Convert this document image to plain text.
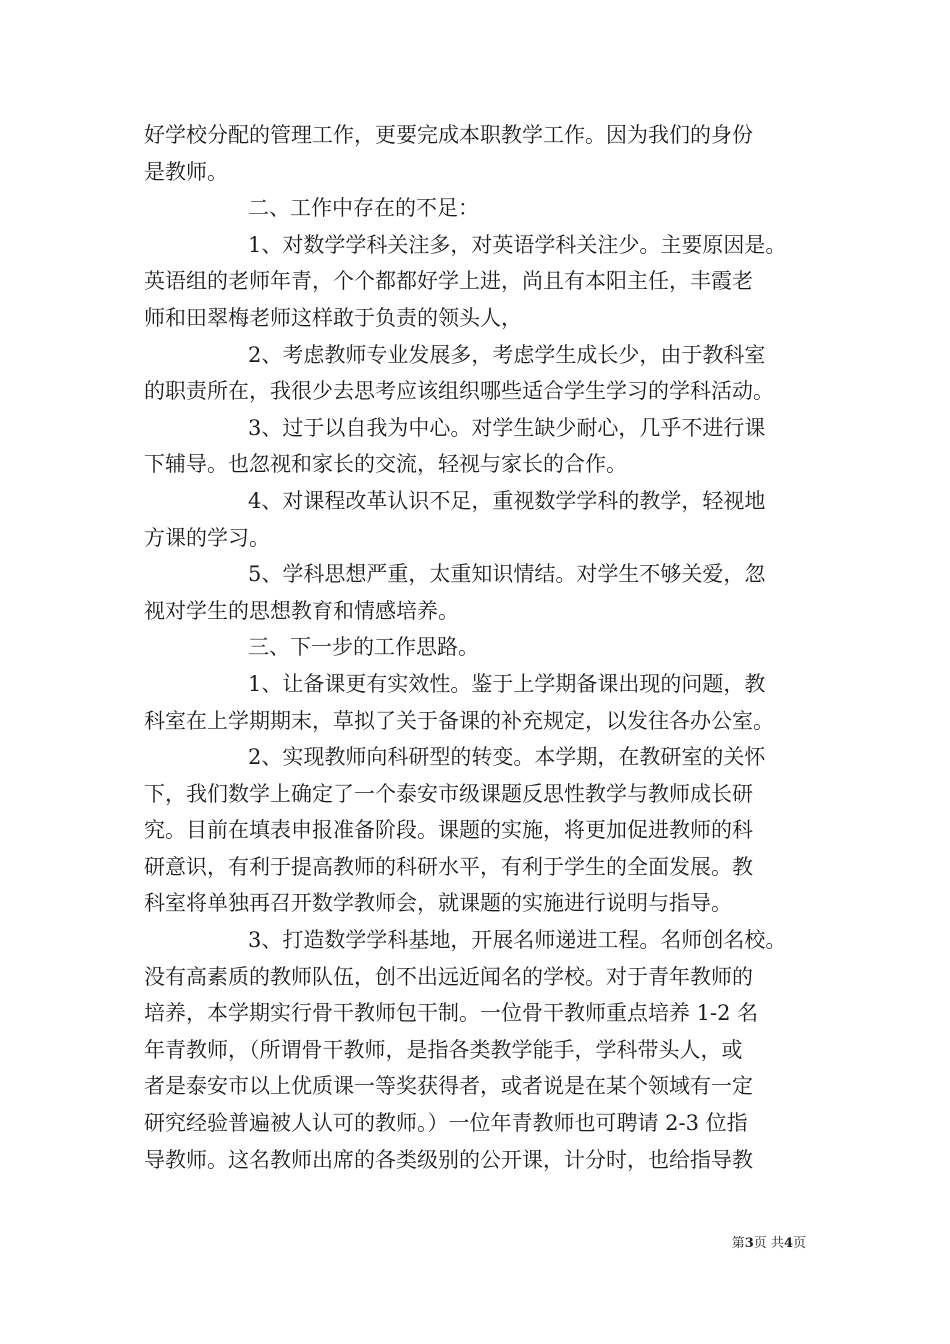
好学校分配的管理工作，更要完成本职教学工作。因为我们的身份
是教师。
二、工作中存在的不足：
1、对数学学科关注多，对英语学科关注少。主要原因是。
英语组的老师年青，个个都都好学上进，尚且有本阳主任，丰霞老
师和田翠梅老师这样敢于负责的领头人，
2、考虑教师专业发展多，考虑学生成长少，由于教科室
的职责所在，我很少去思考应该组织哪些适合学生学习的学科活动。
3、过于以自我为中心。对学生缺少耐心，几乎不进行课
下辅导。也忽视和家长的交流，轻视与家长的合作。
4、对课程改革认识不足，重视数学学科的教学，轻视地
方课的学习。
5、学科思想严重，太重知识情结。对学生不够关爱，忽
视对学生的思想教育和情感培养。
三、下一步的工作思路。
1、让备课更有实效性。鉴于上学期备课出现的问题，教
科室在上学期期末，草拟了关于备课的补充规定，以发往各办公室。
2、实现教师向科研型的转变。本学期，在教研室的关怀
下，我们数学上确定了一个泰安市级课题反思性教学与教师成长研
究。目前在填表申报准备阶段。课题的实施，将更加促进教师的科
研意识，有利于提高教师的科研水平，有利于学生的全面发展。教
科室将单独再召开数学教师会，就课题的实施进行说明与指导。
3、打造数学学科基地，开展名师递进工程。名师创名校。
没有高素质的教师队伍，创不出远近闻名的学校。对于青年教师的
培养，本学期实行骨干教师包干制。一位骨干教师重点培养 1-2 名
年青教师，（所谓骨干教师，是指各类教学能手，学科带头人，或
者是泰安市以上优质课一等奖获得者，或者说是在某个领域有一定
研究经验普遍被人认可的教师。）一位年青教师也可聘请 2-3 位指
导教师。这名教师出席的各类级别的公开课，计分时，也给指导教
第3页 共4页
